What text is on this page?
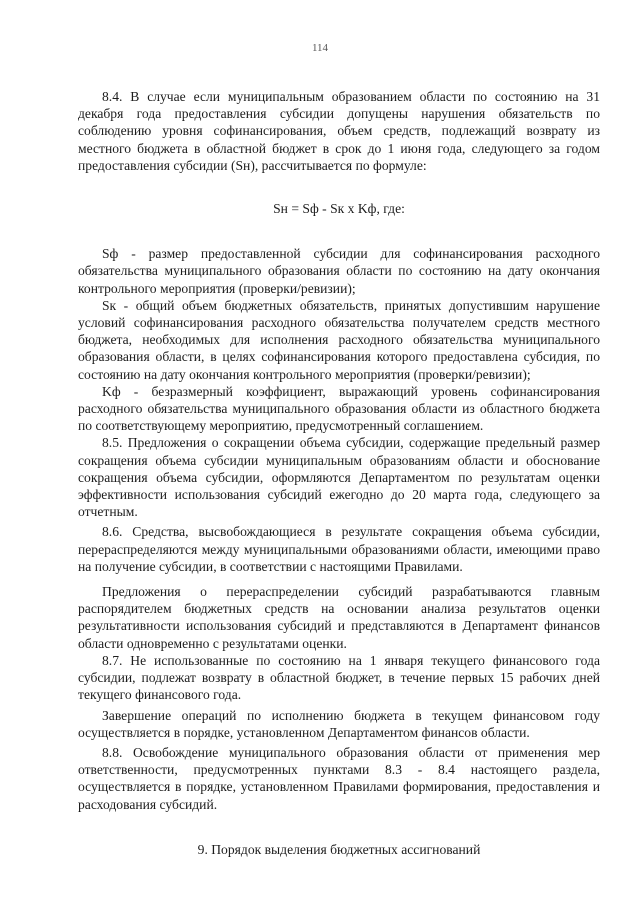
114

8.4. В случае если муниципальным образованием области по состоянию на 31 декабря года предоставления субсидии допущены нарушения обязательств по соблюдению уровня софинансирования, объем средств, подлежащий возврату из местного бюджета в областной бюджет в срок до 1 июня года, следующего за годом предоставления субсидии (Sн), рассчитывается по формуле:

Sн = Sф - Sк х Kф, где:

Sф - размер предоставленной субсидии для софинансирования расходного обязательства муниципального образования области по состоянию на дату окончания контрольного мероприятия (проверки/ревизии);

Sк - общий объем бюджетных обязательств, принятых допустившим нарушение условий софинансирования расходного обязательства получателем средств местного бюджета, необходимых для исполнения расходного обязательства муниципального образования области, в целях софинансирования которого предоставлена субсидия, по состоянию на дату окончания контрольного мероприятия (проверки/ревизии);

Kф - безразмерный коэффициент, выражающий уровень софинансирования расходного обязательства муниципального образования области из областного бюджета по соответствующему мероприятию, предусмотренный соглашением.

8.5. Предложения о сокращении объема субсидии, содержащие предельный размер сокращения объема субсидии муниципальным образованиям области и обоснование сокращения объема субсидии, оформляются Департаментом по результатам оценки эффективности использования субсидий ежегодно до 20 марта года, следующего за отчетным.

8.6. Средства, высвобождающиеся в результате сокращения объема субсидии, перераспределяются между муниципальными образованиями области, имеющими право на получение субсидии, в соответствии с настоящими Правилами.

Предложения о перераспределении субсидий разрабатываются главным распорядителем бюджетных средств на основании анализа результатов оценки результативности использования субсидий и представляются в Департамент финансов области одновременно с результатами оценки.

8.7. Не использованные по состоянию на 1 января текущего финансового года субсидии, подлежат возврату в областной бюджет, в течение первых 15 рабочих дней текущего финансового года.

Завершение операций по исполнению бюджета в текущем финансовом году осуществляется в порядке, установленном Департаментом финансов области.

8.8. Освобождение муниципального образования области от применения мер ответственности, предусмотренных пунктами 8.3 - 8.4 настоящего раздела, осуществляется в порядке, установленном Правилами формирования, предоставления и расходования субсидий.

9. Порядок выделения бюджетных ассигнований
